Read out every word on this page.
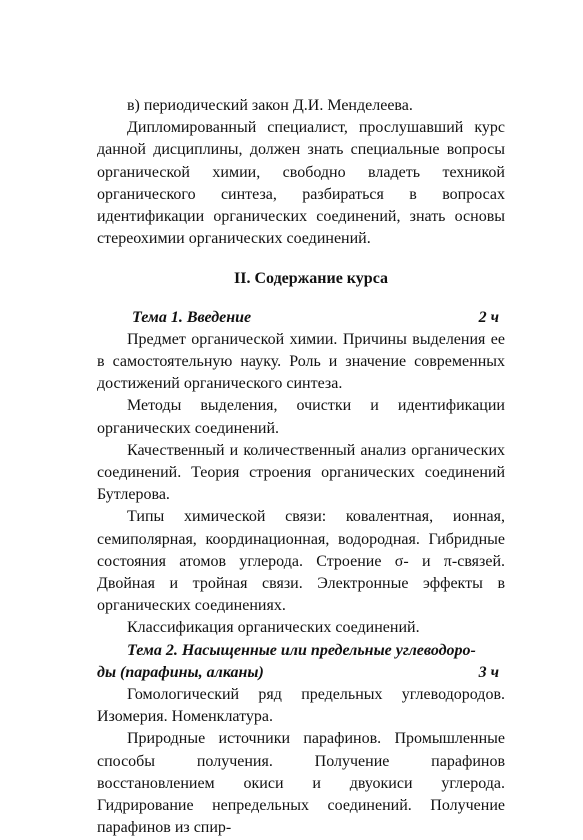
в) периодический закон Д.И. Менделеева.

Дипломированный специалист, прослушавший курс данной дисциплины, должен знать специальные вопросы органической химии, свободно владеть техникой органического синтеза, разбираться в вопросах идентификации органических соединений, знать основы стереохимии органических соединений.

II. Содержание курса
Тема 1. Введение	2 ч

Предмет органической химии. Причины выделения ее в самостоятельную науку. Роль и значение современных достижений органического синтеза.

Методы выделения, очистки и идентификации органических соединений.

Качественный и количественный анализ органических соединений. Теория строения органических соединений Бутлерова.

Типы химической связи: ковалентная, ионная, семиполярная, координационная, водородная. Гибридные состояния атомов углерода. Строение σ- и π-связей. Двойная и тройная связи. Электронные эффекты в органических соединениях.

Классификация органических соединений.

Тема 2. Насыщенные или предельные углеводоро-
ды (парафины, алканы)	3 ч

Гомологический ряд предельных углеводородов. Изомерия. Номенклатура.

Природные источники парафинов. Промышленные способы получения. Получение парафинов восстановлением окиси и двуокиси углерода. Гидрирование непредельных соединений. Получение парафинов из спир-
